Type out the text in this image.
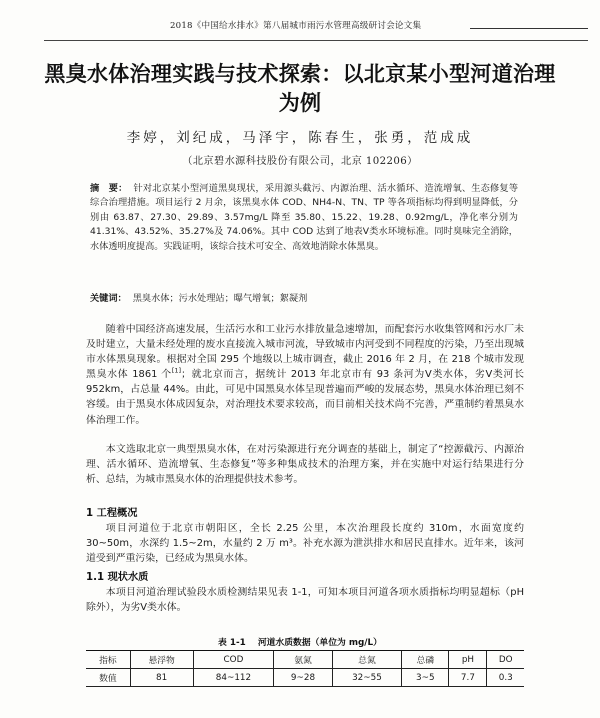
2018《中国给水排水》第八届城市雨污水管理高级研讨会论文集
黑臭水体治理实践与技术探索：以北京某小型河道治理为例
李婷，刘纪成，马泽宇，陈春生，张勇，范成成
（北京碧水源科技股份有限公司，北京 102206）
摘　要： 针对北京某小型河道黑臭现状，采用源头截污、内源治理、活水循环、造流增氧、生态修复等综合治理措施。项目运行 2 月余，该黑臭水体 COD、NH4-N、TN、TP 等各项指标均得到明显降低，分别由 63.87、27.30、29.89、3.57mg/L 降至 35.80、15.22、19.28、0.92mg/L，净化率分别为 41.31%、43.52%、35.27%及 74.06%。其中 COD 达到了地表Ⅴ类水环境标准。同时臭味完全消除，水体透明度提高。实践证明，该综合技术可安全、高效地消除水体黑臭。
关键词： 黑臭水体；污水处理站；曝气增氧；絮凝剂

随着中国经济高速发展，生活污水和工业污水排放量急速增加，而配套污水收集管网和污水厂未及时建立，大量未经处理的废水直接流入城市河流，导致城市内河受到不同程度的污染，乃至出现城市水体黑臭现象。根据对全国 295 个地级以上城市调查，截止 2016 年 2 月，在 218 个城市发现黑臭水体 1861 个[1]；就北京而言，据统计 2013 年北京市有 93 条河为Ⅴ类水体，劣Ⅴ类河长 952km，占总量 44%。由此，可见中国黑臭水体呈现普遍而严峻的发展态势，黑臭水体治理已刻不容缓。由于黑臭水体成因复杂，对治理技术要求较高，而目前相关技术尚不完善，严重制约着黑臭水体治理工作。

本文选取北京一典型黑臭水体，在对污染源进行充分调查的基础上，制定了“控源截污、内源治理、活水循环、造流增氧、生态修复”等多种集成技术的治理方案，并在实施中对运行结果进行分析、总结，为城市黑臭水体的治理提供技术参考。

1 工程概况

项目河道位于北京市朝阳区，全长 2.25 公里，本次治理段长度约 310m，水面宽度约 30~50m，水深约 1.5~2m，水量约 2 万 m³。补充水源为泄洪排水和居民直排水。近年来，该河道受到严重污染，已经成为黑臭水体。

1.1 现状水质

本项目河道治理试验段水质检测结果见表 1-1，可知本项目河道各项水质指标均明显超标（pH 除外），为劣Ⅴ类水体。

表 1-1 河道水质数据（单位为 mg/L）
指标	悬浮物	COD	氨氮	总氮	总磷	pH	DO
数值	81	84~112	9~28	32~55	3~5	7.7	0.3
